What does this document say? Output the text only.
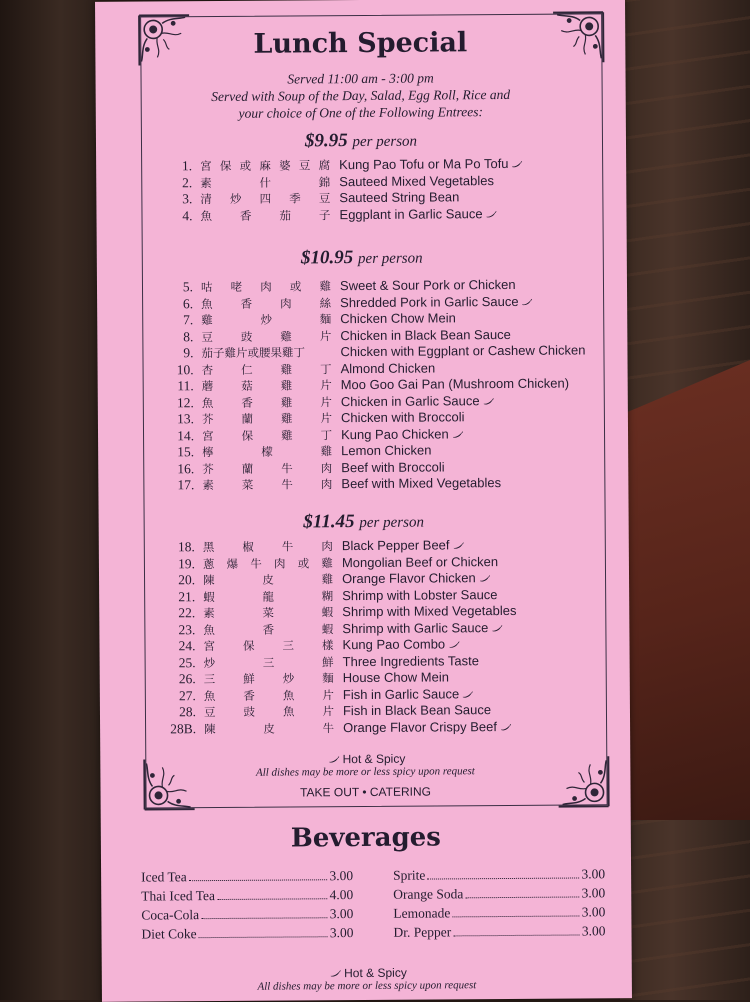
Lunch Special
Served 11:00 am - 3:00 pm
Served with Soup of the Day, Salad, Egg Roll, Rice and
your choice of One of the Following Entrees:
$9.95 per person
1. 宮 保 或 麻 婆 豆 腐 Kung Pao Tofu or Ma Po Tofu
2. 素	什	錦 Sauteed Mixed Vegetables
3. 清 炒 四 季 豆 Sauteed String Bean
4. 魚 香 茄 子 Eggplant in Garlic Sauce
$10.95 per person
5. 咕 咾 肉 或 雞 Sweet & Sour Pork or Chicken
6. 魚 香 肉 絲 Shredded Pork in Garlic Sauce
7. 雞	炒	麵 Chicken Chow Mein
8. 豆 豉 雞 片 Chicken in Black Bean Sauce
9. 茄子雞片或腰果雞丁	Chicken with Eggplant or Cashew Chicken
10. 杏 仁 雞 丁 Almond Chicken
11. 蘑 菇 雞 片 Moo Goo Gai Pan (Mushroom Chicken)
12. 魚 香 雞 片 Chicken in Garlic Sauce
13. 芥 蘭 雞 片 Chicken with Broccoli
14. 宮 保 雞 丁 Kung Pao Chicken
15. 檸	檬	雞 Lemon Chicken
16. 芥 蘭 牛 肉 Beef with Broccoli
17. 素 菜 牛 肉 Beef with Mixed Vegetables
$11.45 per person
18. 黑 椒 牛 肉 Black Pepper Beef
19. 蔥 爆 牛 肉 或 雞 Mongolian Beef or Chicken
20. 陳	皮	雞 Orange Flavor Chicken
21. 蝦	龍	糊 Shrimp with Lobster Sauce
22. 素	菜	蝦 Shrimp with Mixed Vegetables
23. 魚	香	蝦 Shrimp with Garlic Sauce
24. 宮 保 三 樣 Kung Pao Combo
25. 炒	三	鮮 Three Ingredients Taste
26. 三 鮮 炒 麵 House Chow Mein
27. 魚 香 魚 片 Fish in Garlic Sauce
28. 豆 豉 魚 片 Fish in Black Bean Sauce
28B. 陳	皮	牛 Orange Flavor Crispy Beef
Hot & Spicy
All dishes may be more or less spicy upon request
TAKE OUT • CATERING
Beverages
Iced Tea	3.00
Thai Iced Tea	4.00
Coca-Cola	3.00
Diet Coke	3.00
Sprite	3.00
Orange Soda	3.00
Lemonade	3.00
Dr. Pepper	3.00
Hot & Spicy
All dishes may be more or less spicy upon request
